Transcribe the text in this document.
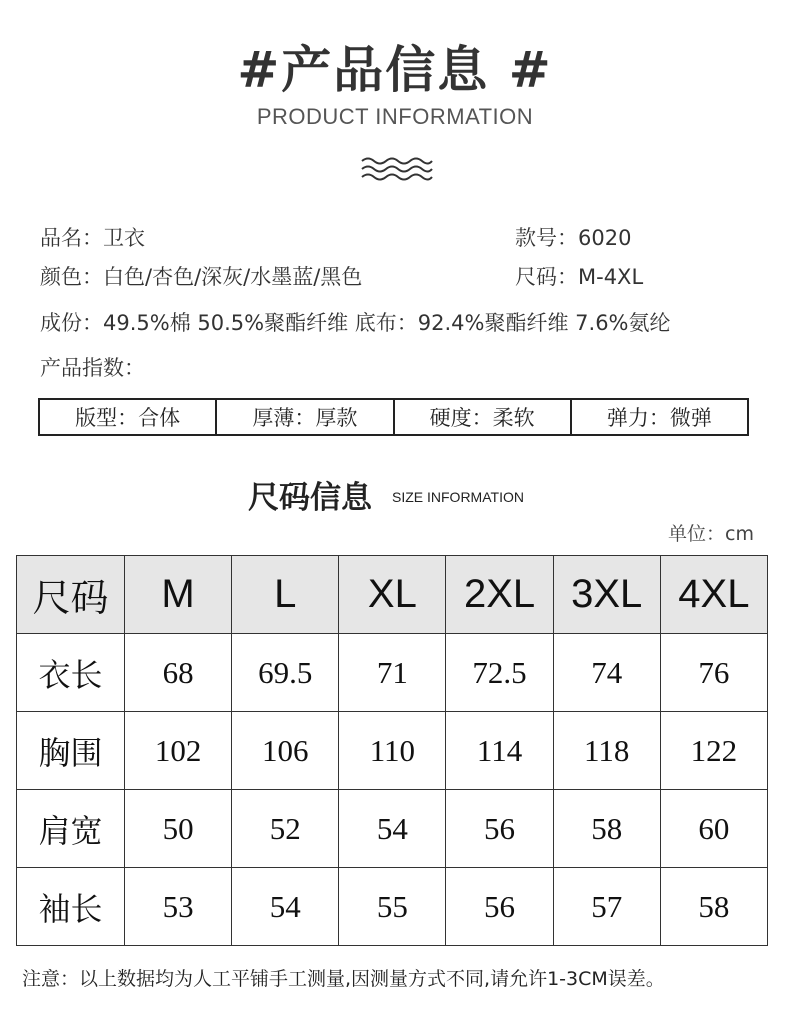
#产品信息 #
PRODUCT INFORMATION
品名：卫衣	款号：6020
颜色：白色/杏色/深灰/水墨蓝/黑色	尺码：M-4XL
成份：49.5%棉 50.5%聚酯纤维 底布：92.4%聚酯纤维 7.6%氨纶
产品指数：
版型：合体	厚薄：厚款	硬度：柔软	弹力：微弹
尺码信息 SIZE INFORMATION
单位：cm
尺码	M	L	XL	2XL	3XL	4XL
衣长	68	69.5	71	72.5	74	76
胸围	102	106	110	114	118	122
肩宽	50	52	54	56	58	60
袖长	53	54	55	56	57	58
注意：以上数据均为人工平铺手工测量,因测量方式不同,请允许1-3CM误差。
